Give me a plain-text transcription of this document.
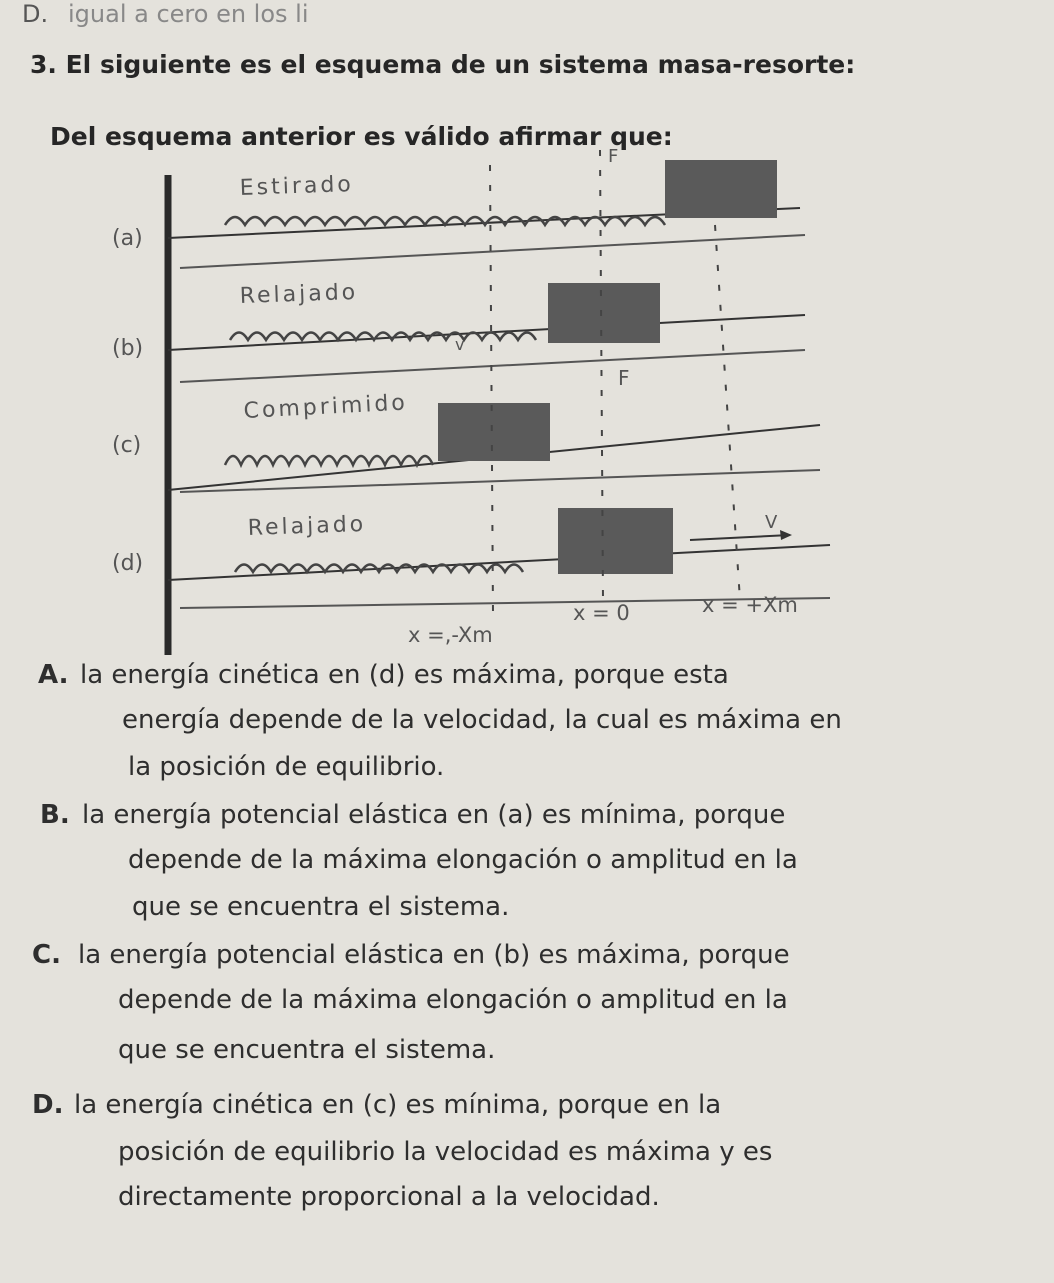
D. igual a cero en los li
3. El siguiente es el esquema de un sistema masa-resorte:
Del esquema anterior es válido afirmar que:
(a)
Estirado
F
(b)
Relajado
v
(c)
Comprimido
F
(d)
Relajado	V
x =,-Xm
x = 0	x = +Xm
A. la energía cinética en (d) es máxima, porque esta
energía depende de la velocidad, la cual es máxima en
la posición de equilibrio.
B. la energía potencial elástica en (a) es mínima, porque
depende de la máxima elongación o amplitud en la
que se encuentra el sistema.
C. la energía potencial elástica en (b) es máxima, porque
depende de la máxima elongación o amplitud en la
que se encuentra el sistema.
D. la energía cinética en (c) es mínima, porque en la
posición de equilibrio la velocidad es máxima y es
directamente proporcional a la velocidad.
